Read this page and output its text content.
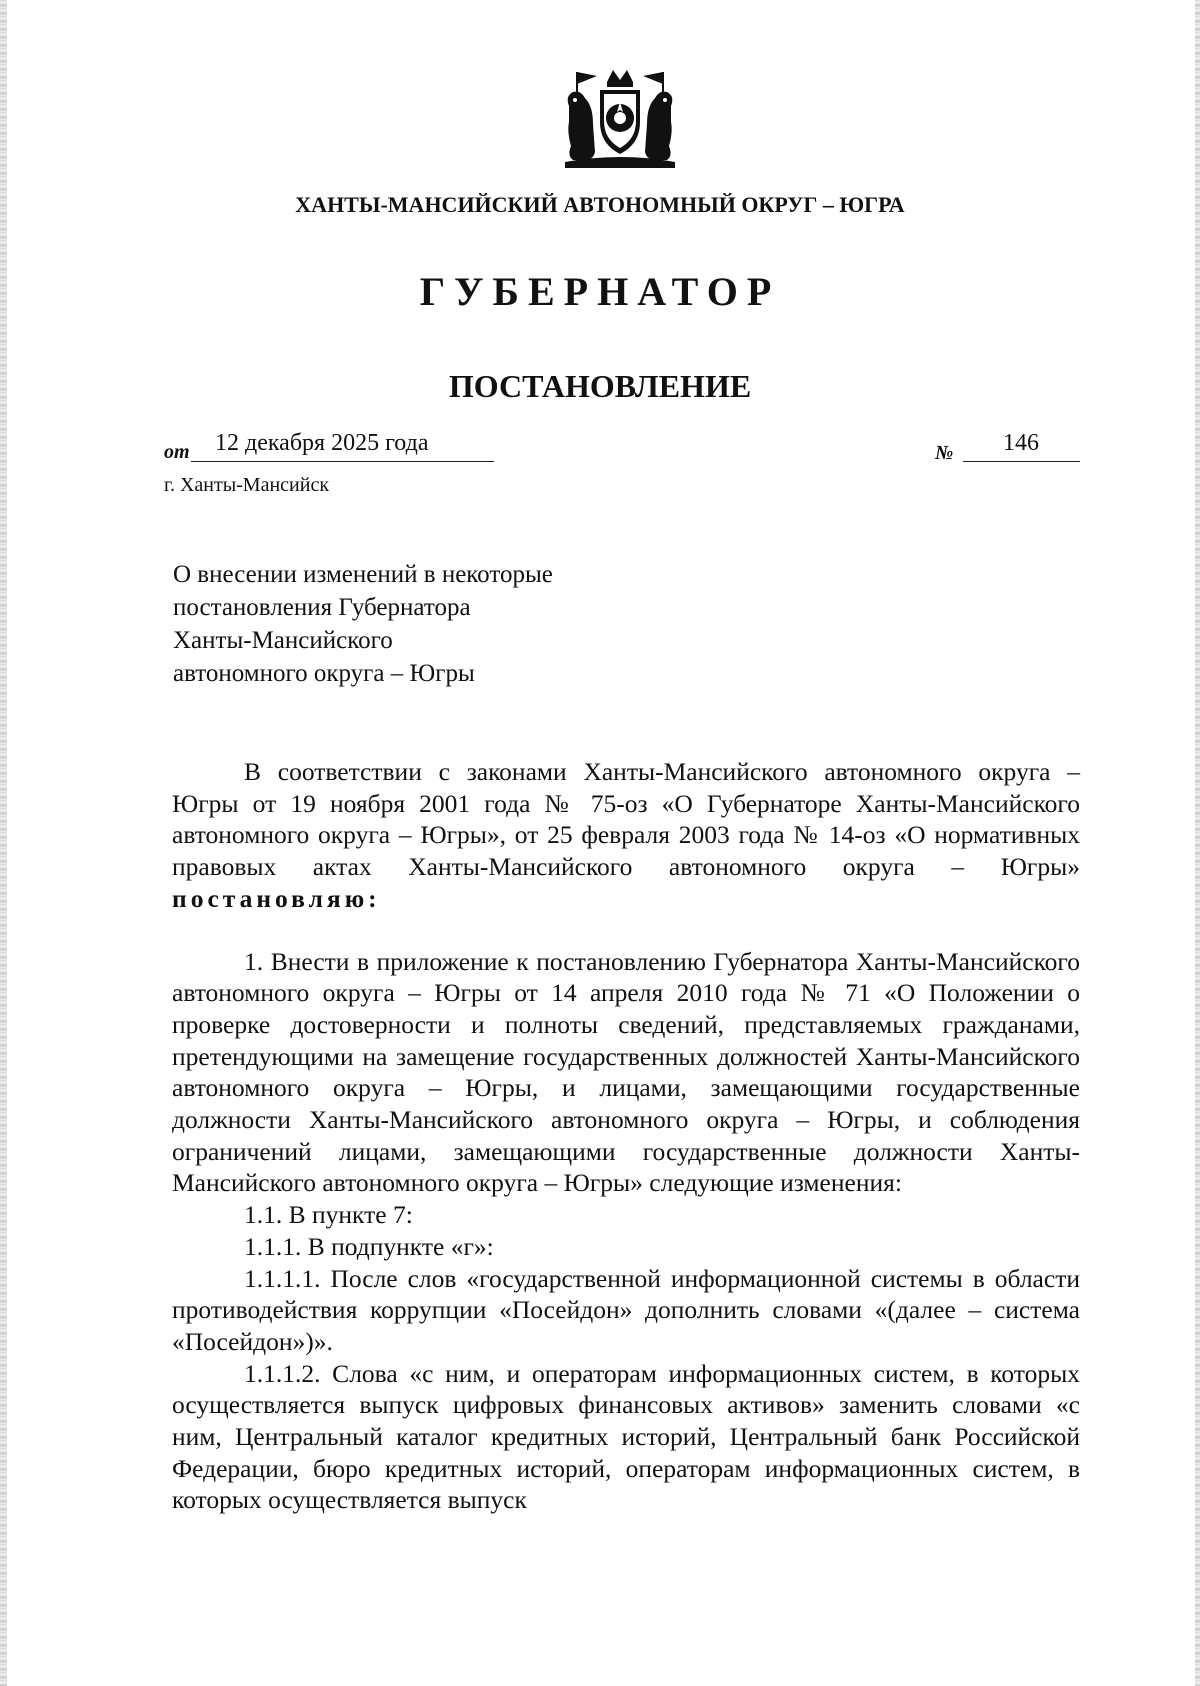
ХАНТЫ-МАНСИЙСКИЙ АВТОНОМНЫЙ ОКРУГ – ЮГРА
ГУБЕРНАТОР
ПОСТАНОВЛЕНИЕ
от	12 декабря 2025 года	№	146
г. Ханты-Мансийск
О внесении изменений в некоторые
постановления Губернатора
Ханты-Мансийского
автономного округа – Югры

В соответствии с законами Ханты-Мансийского автономного округа – Югры от 19 ноября 2001 года № 75-оз «О Губернаторе Ханты-Мансийского автономного округа – Югры», от 25 февраля 2003 года № 14-оз «О нормативных правовых актах Ханты-Мансийского автономного округа – Югры» постановляю:

1. Внести в приложение к постановлению Губернатора Ханты-Мансийского автономного округа – Югры от 14 апреля 2010 года № 71 «О Положении о проверке достоверности и полноты сведений, представляемых гражданами, претендующими на замещение государственных должностей Ханты-Мансийского автономного округа – Югры, и лицами, замещающими государственные должности Ханты-Мансийского автономного округа – Югры, и соблюдения ограничений лицами, замещающими государственные должности Ханты-Мансийского автономного округа – Югры» следующие изменения:

1.1. В пункте 7:

1.1.1. В подпункте «г»:

1.1.1.1. После слов «государственной информационной системы в области противодействия коррупции «Посейдон» дополнить словами «(далее – система «Посейдон»)».

1.1.1.2. Слова «с ним, и операторам информационных систем, в которых осуществляется выпуск цифровых финансовых активов» заменить словами «с ним, Центральный каталог кредитных историй, Центральный банк Российской Федерации, бюро кредитных историй, операторам информационных систем, в которых осуществляется выпуск
